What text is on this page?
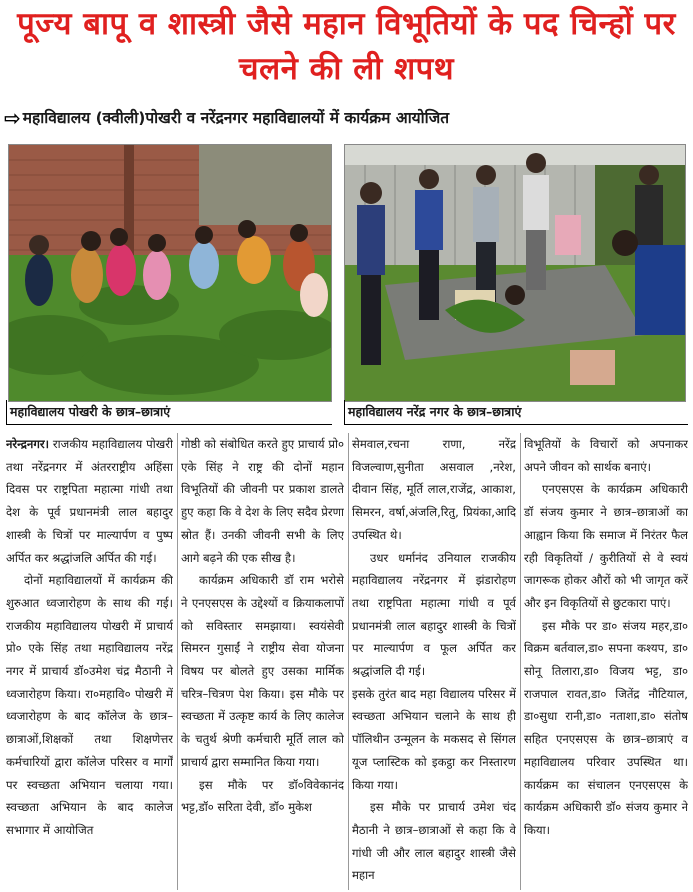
पूज्य बापू व शास्त्री जैसे महान विभूतियों के पद चिन्हों पर चलने की ली शपथ
⇨ महाविद्यालय (क्वीली)पोखरी व नरेंद्रनगर महाविद्यालयों में कार्यक्रम आयोजित
महाविद्यालय पोखरी के छात्र–छात्राएं	महाविद्यालय नरेंद्र नगर के छात्र–छात्राएं

नरेन्द्रनगर। राजकीय महाविद्यालय पोखरी तथा नरेंद्रनगर में अंतरराष्ट्रीय अहिंसा दिवस पर राष्ट्रपिता महात्मा गांधी तथा देश के पूर्व प्रधानमंत्री लाल बहादुर शास्त्री के चित्रों पर माल्यार्पण व पुष्प अर्पित कर श्रद्धांजलि अर्पित की गई।

दोनों महाविद्यालयों में कार्यक्रम की शुरुआत ध्वजारोहण के साथ की गई। राजकीय महाविद्यालय पोखरी में प्राचार्य प्रो० एके सिंह तथा महाविद्यालय नरेंद्र नगर में प्राचार्य डॉ०उमेश चंद्र मैठानी ने ध्वजारोहण किया। रा०महावि० पोखरी में ध्वजारोहण के बाद कॉलेज के छात्र–छात्राओं,शिक्षकों तथा शिक्षणेत्तर कर्मचारियों द्वारा कॉलेज परिसर व मार्गों पर स्वच्छता अभियान चलाया गया। स्वच्छता अभियान के बाद कालेज सभागार में आयोजित

गोष्ठी को संबोधित करते हुए प्राचार्य प्रो० एके सिंह ने राष्ट्र की दोनों महान विभूतियों की जीवनी पर प्रकाश डालते हुए कहा कि वे देश के लिए सदैव प्रेरणा स्रोत हैं। उनकी जीवनी सभी के लिए आगे बढ़ने की एक सीख है।

कार्यक्रम अधिकारी डॉ राम भरोसे ने एनएसएस के उद्देश्यों व क्रियाकलापों को सविस्तार समझाया। स्वयंसेवी सिमरन गुसाईं ने राष्ट्रीय सेवा योजना विषय पर बोलते हुए उसका मार्मिक चरित्र–चित्रण पेश किया। इस मौके पर स्वच्छता में उत्कृष्ट कार्य के लिए कालेज के चतुर्थ श्रेणी कर्मचारी मूर्ति लाल को प्राचार्य द्वारा सम्मानित किया गया।

इस मौके पर डॉ०विवेकानंद भट्ट,डॉ० सरिता देवी, डॉ० मुकेश

सेमवाल,रचना राणा, नरेंद्र विजल्वाण,सुनीता असवाल ,नरेश, दीवान सिंह, मूर्ति लाल,राजेंद्र, आकाश, सिमरन, वर्षा,अंजलि,रितु, प्रियंका,आदि उपस्थित थे।

उधर धर्मानंद उनियाल राजकीय महाविद्यालय नरेंद्रनगर में झंडारोहण तथा राष्ट्रपिता महात्मा गांधी व पूर्व प्रधानमंत्री लाल बहादुर शास्त्री के चित्रों पर माल्यार्पण व फूल अर्पित कर श्रद्धांजलि दी गई।

इसके तुरंत बाद महा विद्यालय परिसर में स्वच्छता अभियान चलाने के साथ ही पॉलिथीन उन्मूलन के मकसद से सिंगल यूज प्लास्टिक को इकट्ठा कर निस्तारण किया गया।

इस मौके पर प्राचार्य उमेश चंद मैठानी ने छात्र–छात्राओं से कहा कि वे गांधी जी और लाल बहादुर शास्त्री जैसे महान

विभूतियों के विचारों को अपनाकर अपने जीवन को सार्थक बनाएं।

एनएसएस के कार्यक्रम अधिकारी डॉ संजय कुमार ने छात्र–छात्राओं का आह्वान किया कि समाज में निरंतर फैल रही विकृतियों / कुरीतियों से वे स्वयं जागरूक होकर औरों को भी जागृत करें और इन विकृतियों से छुटकारा पाएं।

इस मौके पर डा० संजय महर,डा० विक्रम बर्तवाल,डा० सपना कश्यप, डा० सोनू तिलारा,डा० विजय भट्ट, डा० राजपाल रावत,डा० जितेंद्र नौटियाल, डा०सुधा रानी,डा० नताशा,डा० संतोष सहित एनएसएस के छात्र–छात्राएं व महाविद्यालय परिवार उपस्थित था। कार्यक्रम का संचालन एनएसएस के कार्यक्रम अधिकारी डॉ० संजय कुमार ने किया।
